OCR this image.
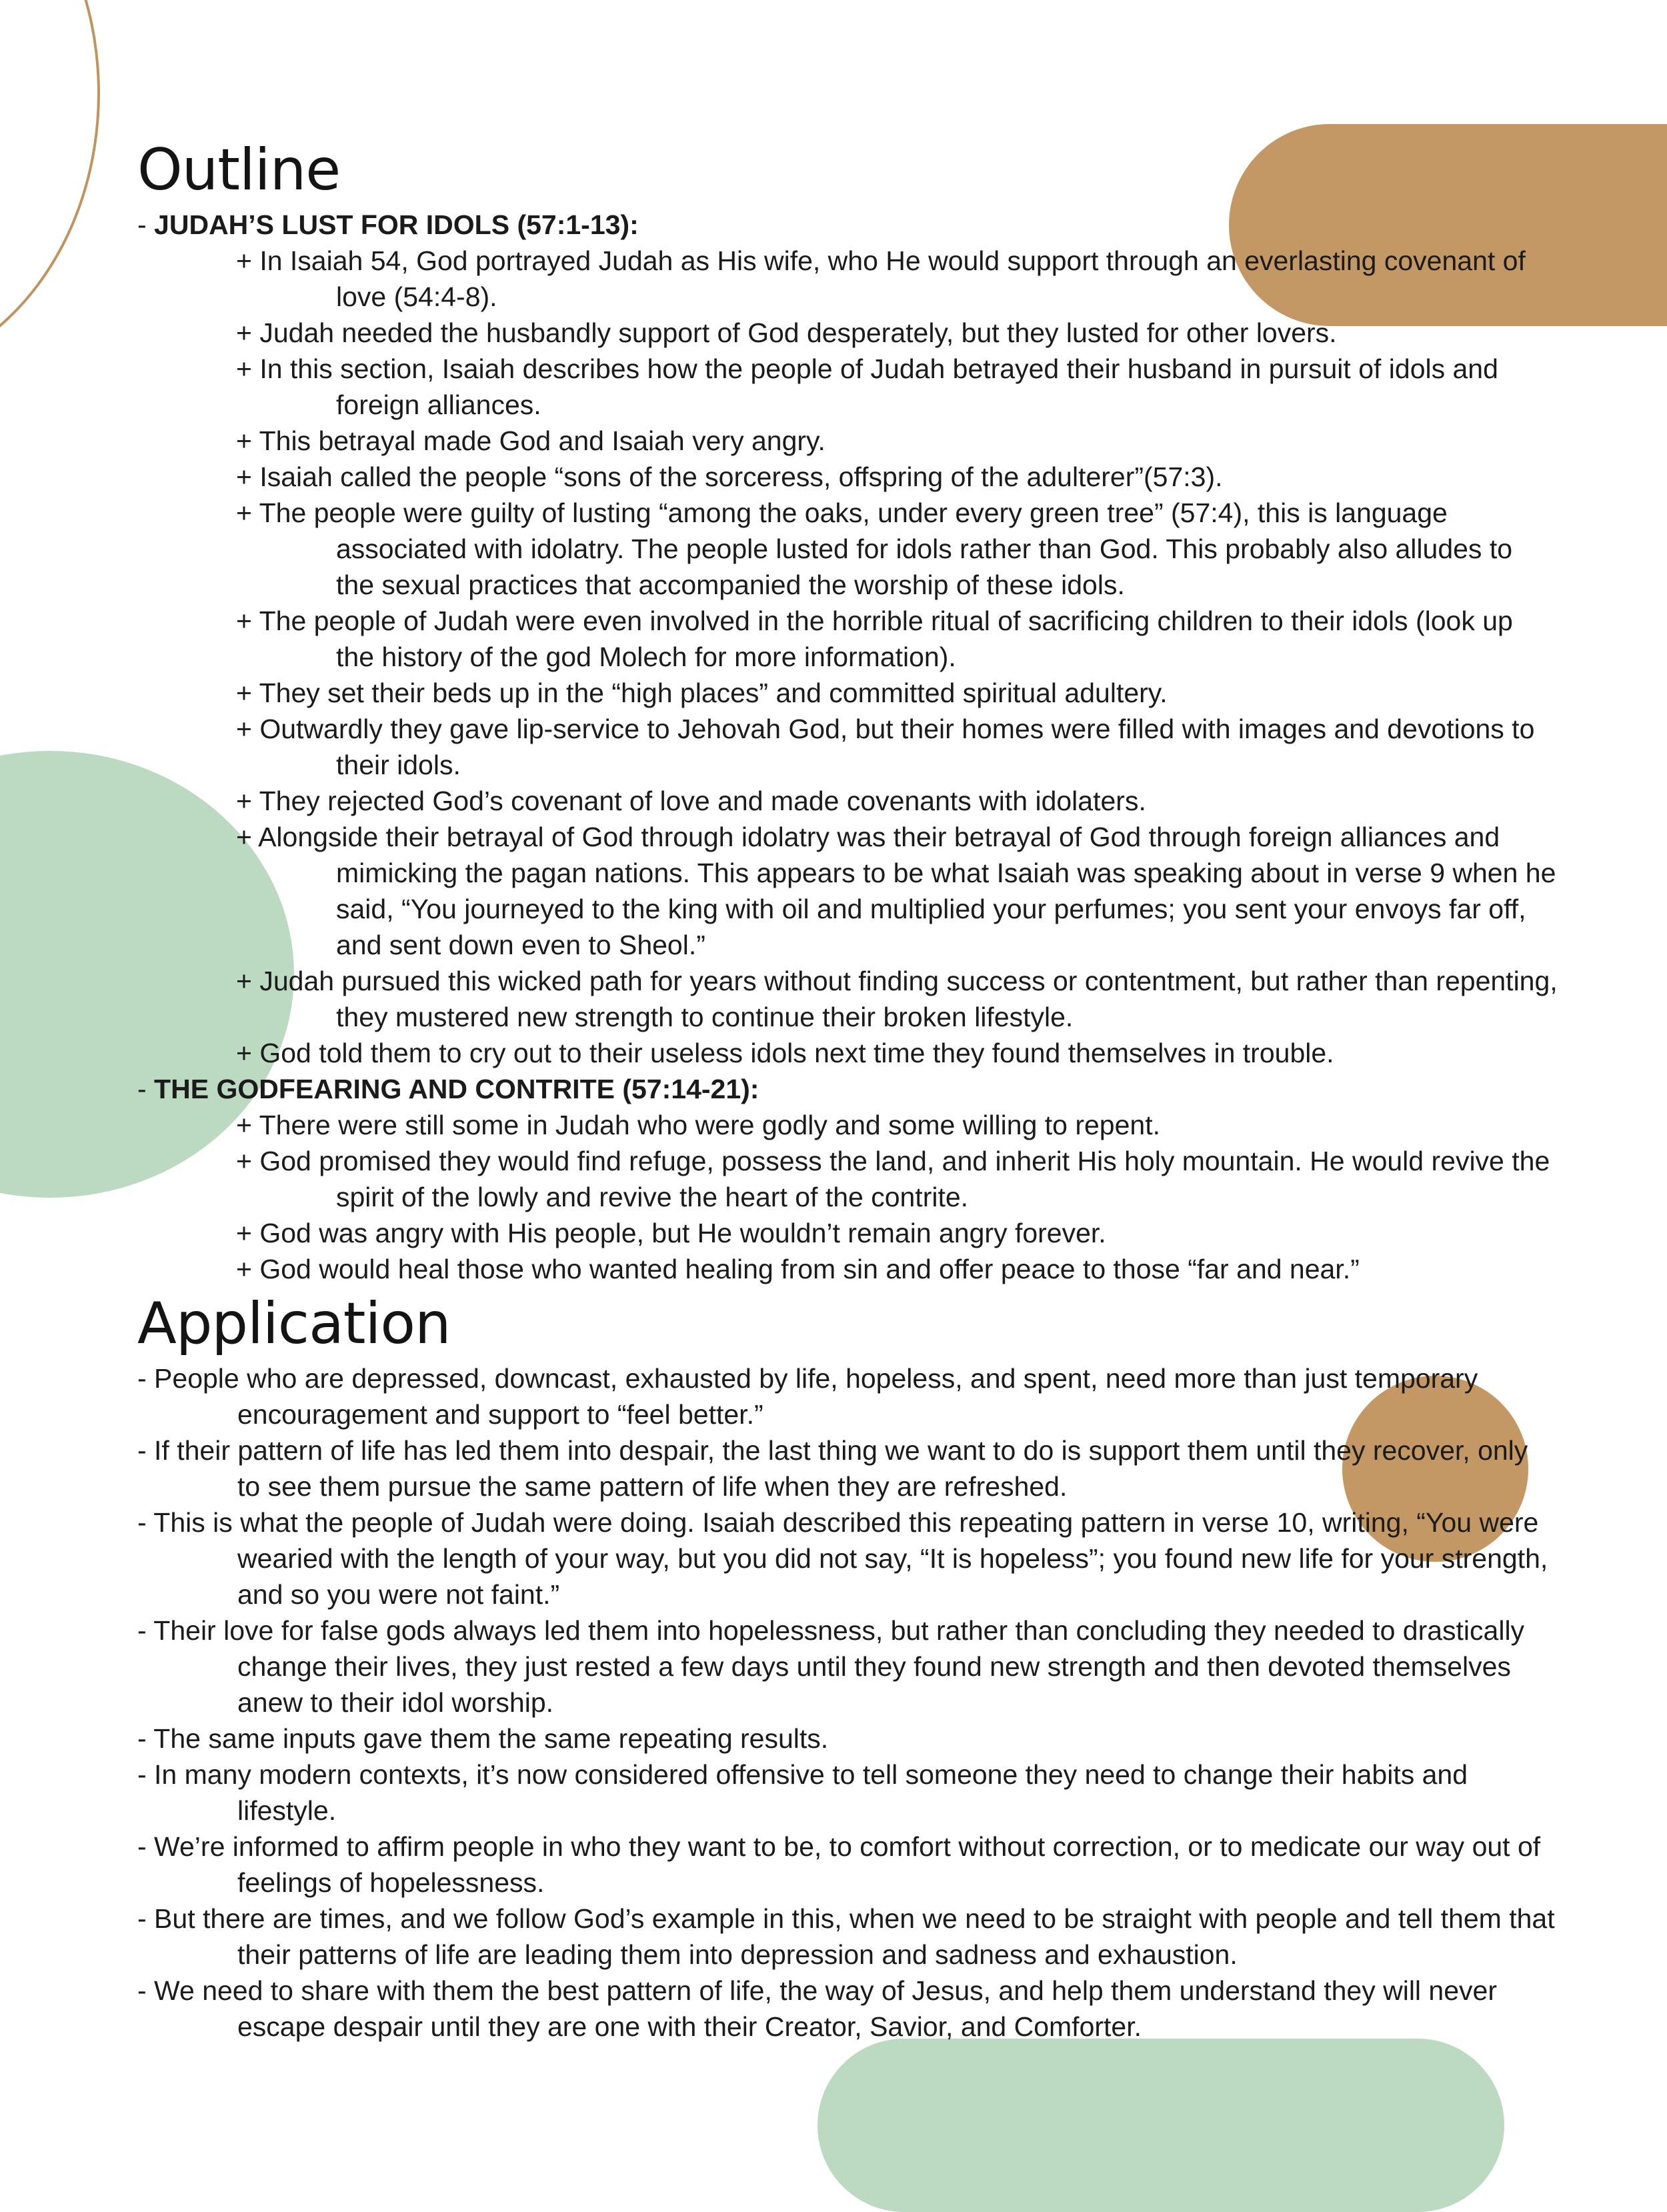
Outline
- JUDAH’S LUST FOR IDOLS (57:1-13):
+ In Isaiah 54, God portrayed Judah as His wife, who He would support through an everlasting covenant of love (54:4-8).
+ Judah needed the husbandly support of God desperately, but they lusted for other lovers.
+ In this section, Isaiah describes how the people of Judah betrayed their husband in pursuit of idols and foreign alliances.
+ This betrayal made God and Isaiah very angry.
+ Isaiah called the people “sons of the sorceress, offspring of the adulterer”(57:3).
+ The people were guilty of lusting “among the oaks, under every green tree” (57:4), this is language associated with idolatry. The people lusted for idols rather than God. This probably also alludes to the sexual practices that accompanied the worship of these idols.
+ The people of Judah were even involved in the horrible ritual of sacrificing children to their idols (look up the history of the god Molech for more information).
+ They set their beds up in the “high places” and committed spiritual adultery.
+ Outwardly they gave lip-service to Jehovah God, but their homes were filled with images and devotions to their idols.
+ They rejected God’s covenant of love and made covenants with idolaters.
+ Alongside their betrayal of God through idolatry was their betrayal of God through foreign alliances and mimicking the pagan nations. This appears to be what Isaiah was speaking about in verse 9 when he said, “You journeyed to the king with oil and multiplied your perfumes; you sent your envoys far off, and sent down even to Sheol.”
+ Judah pursued this wicked path for years without finding success or contentment, but rather than repenting, they mustered new strength to continue their broken lifestyle.
+ God told them to cry out to their useless idols next time they found themselves in trouble.
- THE GODFEARING AND CONTRITE (57:14-21):
+ There were still some in Judah who were godly and some willing to repent.
+ God promised they would find refuge, possess the land, and inherit His holy mountain. He would revive the spirit of the lowly and revive the heart of the contrite.
+ God was angry with His people, but He wouldn’t remain angry forever.
+ God would heal those who wanted healing from sin and offer peace to those “far and near.”
Application
- People who are depressed, downcast, exhausted by life, hopeless, and spent, need more than just temporary encouragement and support to “feel better.”
- If their pattern of life has led them into despair, the last thing we want to do is support them until they recover, only to see them pursue the same pattern of life when they are refreshed.
- This is what the people of Judah were doing. Isaiah described this repeating pattern in verse 10, writing, “You were wearied with the length of your way, but you did not say, “It is hopeless”; you found new life for your strength, and so you were not faint.”
- Their love for false gods always led them into hopelessness, but rather than concluding they needed to drastically change their lives, they just rested a few days until they found new strength and then devoted themselves anew to their idol worship.
- The same inputs gave them the same repeating results.
- In many modern contexts, it’s now considered offensive to tell someone they need to change their habits and lifestyle.
- We’re informed to affirm people in who they want to be, to comfort without correction, or to medicate our way out of feelings of hopelessness.
- But there are times, and we follow God’s example in this, when we need to be straight with people and tell them that their patterns of life are leading them into depression and sadness and exhaustion.
- We need to share with them the best pattern of life, the way of Jesus, and help them understand they will never escape despair until they are one with their Creator, Savior, and Comforter.
